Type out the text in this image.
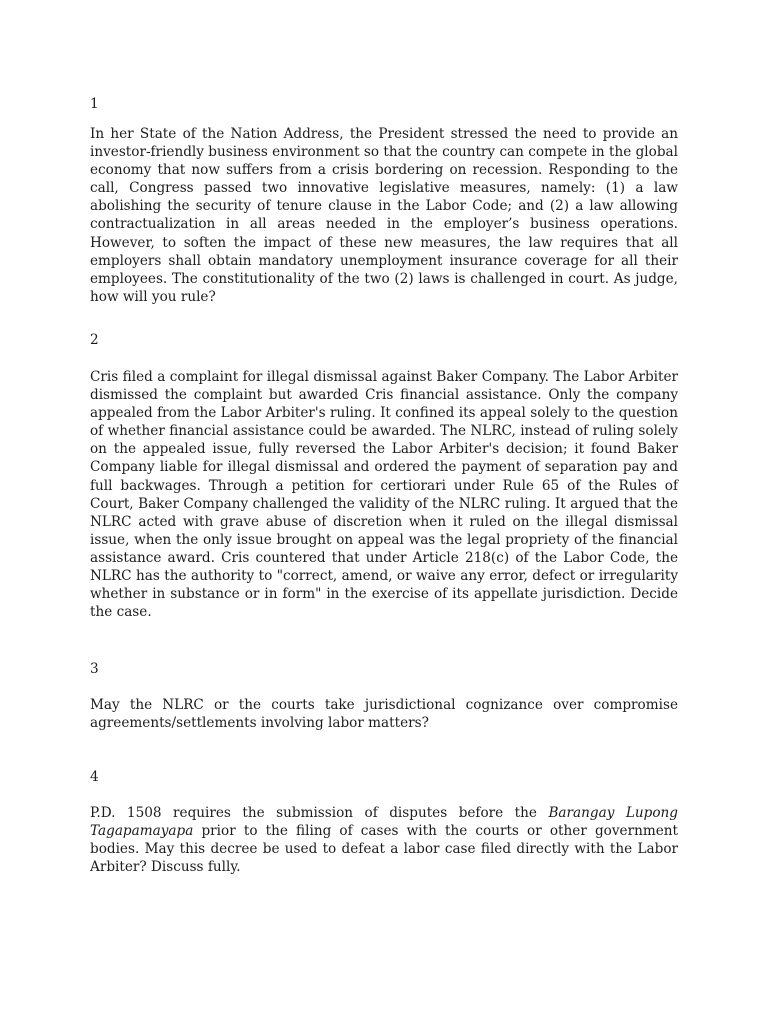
1

In her State of the Nation Address, the President stressed the need to provide an investor-friendly business environment so that the country can compete in the global economy that now suffers from a crisis bordering on recession. Responding to the call, Congress passed two innovative legislative measures, namely: (1) a law abolishing the security of tenure clause in the Labor Code; and (2) a law allowing contractualization in all areas needed in the employer’s business operations. However, to soften the impact of these new measures, the law requires that all employers shall obtain mandatory unemployment insurance coverage for all their employees. The constitutionality of the two (2) laws is challenged in court. As judge, how will you rule?

2

Cris filed a complaint for illegal dismissal against Baker Company. The Labor Arbiter dismissed the complaint but awarded Cris financial assistance. Only the company appealed from the Labor Arbiter's ruling. It confined its appeal solely to the question of whether financial assistance could be awarded. The NLRC, instead of ruling solely on the appealed issue, fully reversed the Labor Arbiter's decision; it found Baker Company liable for illegal dismissal and ordered the payment of separation pay and full backwages. Through a petition for certiorari under Rule 65 of the Rules of Court, Baker Company challenged the validity of the NLRC ruling. It argued that the NLRC acted with grave abuse of discretion when it ruled on the illegal dismissal issue, when the only issue brought on appeal was the legal propriety of the financial assistance award. Cris countered that under Article 218(c) of the Labor Code, the NLRC has the authority to "correct, amend, or waive any error, defect or irregularity whether in substance or in form" in the exercise of its appellate jurisdiction. Decide the case.

3

May the NLRC or the courts take jurisdictional cognizance over compromise agreements/settlements involving labor matters?

4

P.D. 1508 requires the submission of disputes before the Barangay Lupong Tagapamayapa prior to the filing of cases with the courts or other government bodies. May this decree be used to defeat a labor case filed directly with the Labor Arbiter? Discuss fully.
